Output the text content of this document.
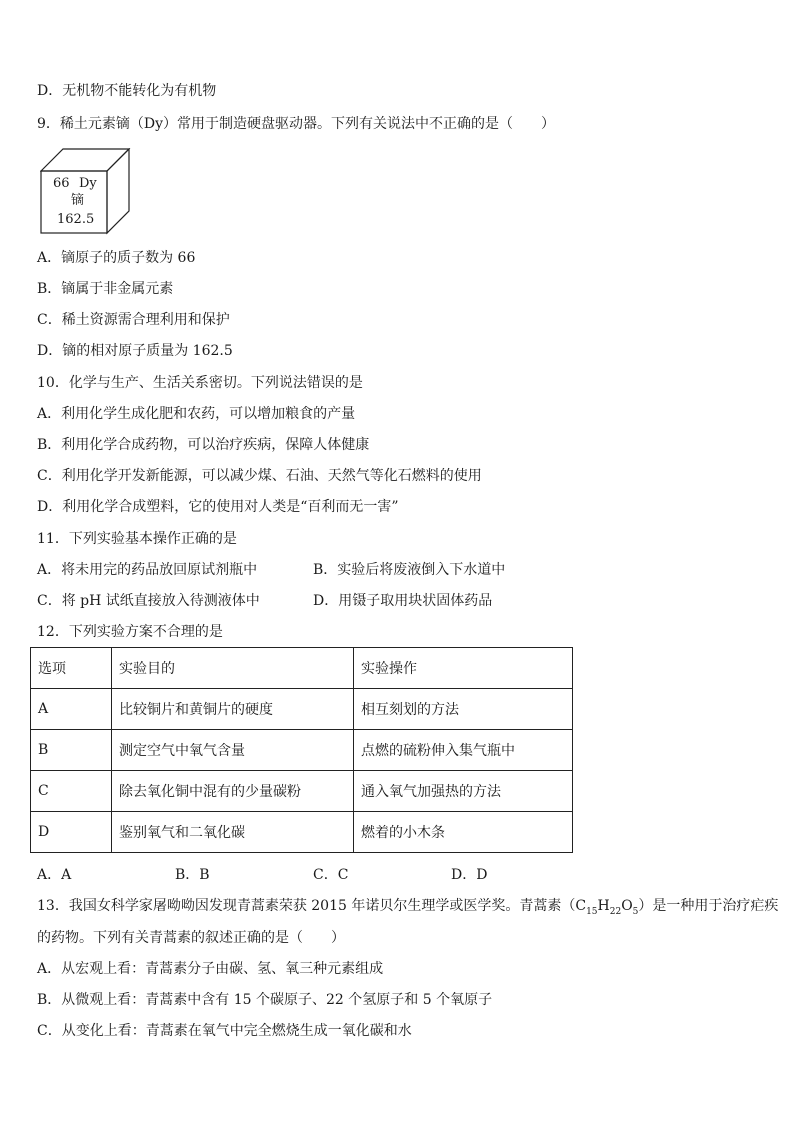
D．无机物不能转化为有机物
9．稀土元素镝（Dy）常用于制造硬盘驱动器。下列有关说法中不正确的是（　　）
66 Dy
镝
162.5
A．镝原子的质子数为 66
B．镝属于非金属元素
C．稀土资源需合理利用和保护
D．镝的相对原子质量为 162.5
10．化学与生产、生活关系密切。下列说法错误的是
A．利用化学生成化肥和农药，可以增加粮食的产量
B．利用化学合成药物，可以治疗疾病，保障人体健康
C．利用化学开发新能源，可以减少煤、石油、天然气等化石燃料的使用
D．利用化学合成塑料，它的使用对人类是“百利而无一害”
11．下列实验基本操作正确的是
A．将未用完的药品放回原试剂瓶中	B．实验后将废液倒入下水道中
C．将 pH 试纸直接放入待测液体中	D．用镊子取用块状固体药品
12．下列实验方案不合理的是
选项	实验目的	实验操作
A	比较铜片和黄铜片的硬度	相互刻划的方法
B	测定空气中氧气含量	点燃的硫粉伸入集气瓶中
C	除去氧化铜中混有的少量碳粉	通入氧气加强热的方法
D	鉴别氧气和二氧化碳	燃着的小木条
A．A	B．B	C．C	D．D
13．我国女科学家屠呦呦因发现青蒿素荣获 2015 年诺贝尔生理学或医学奖。青蒿素$(C_{15}H_{22}O_5)$是一种用于治疗疟疾
的药物。下列有关青蒿素的叙述正确的是（　　）
A．从宏观上看：青蒿素分子由碳、氢、氧三种元素组成
B．从微观上看：青蒿素中含有 15 个碳原子、22 个氢原子和 5 个氧原子
C．从变化上看：青蒿素在氧气中完全燃烧生成一氧化碳和水
